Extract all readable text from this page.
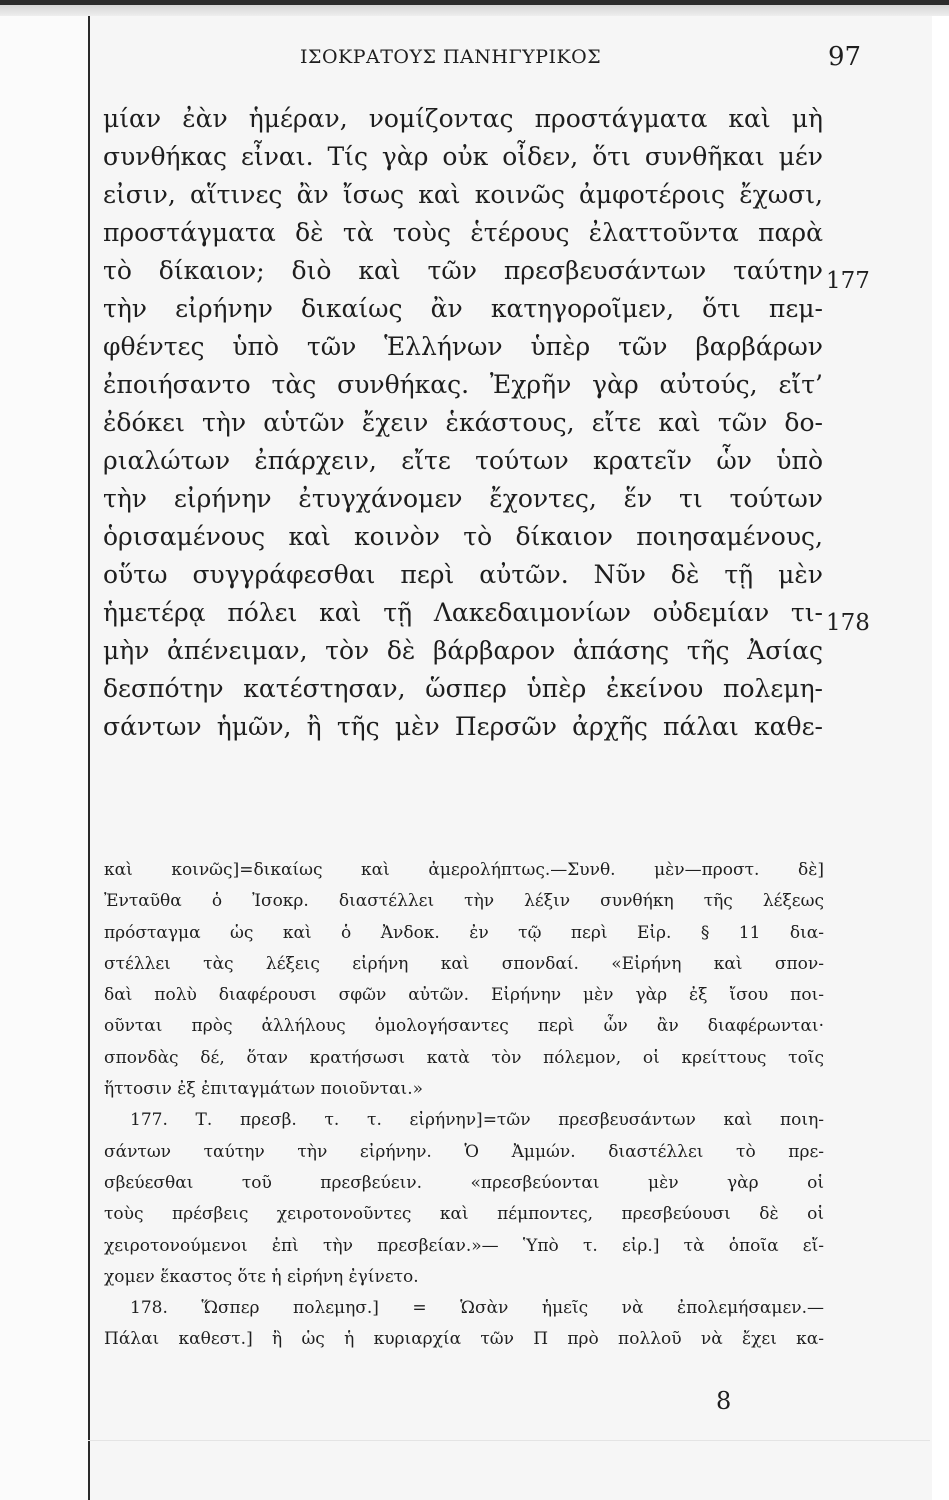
ΙΣΟΚΡΑΤΟΥΣ ΠΑΝΗΓΥΡΙΚΟΣ	97
μίαν ἐὰν ἡμέραν, νομίζοντας προστάγματα καὶ μὴ
συνθήκας εἶναι. Τίς γὰρ οὐκ οἶδεν, ὅτι συνθῆκαι μέν
εἰσιν, αἵτινες ἂν ἴσως καὶ κοινῶς ἀμφοτέροις ἔχωσι,
προστάγματα δὲ τὰ τοὺς ἑτέρους ἐλαττοῦντα παρὰ
τὸ δίκαιον; διὸ καὶ τῶν πρεσβευσάντων ταύτην
τὴν εἰρήνην δικαίως ἂν κατηγοροῖμεν, ὅτι πεμ-
φθέντες ὑπὸ τῶν Ἑλλήνων ὑπὲρ τῶν βαρβάρων
ἐποιήσαντο τὰς συνθήκας. Ἐχρῆν γὰρ αὐτούς, εἴτ’
ἐδόκει τὴν αὑτῶν ἔχειν ἑκάστους, εἴτε καὶ τῶν δο-
ριαλώτων ἐπάρχειν, εἴτε τούτων κρατεῖν ὧν ὑπὸ
τὴν εἰρήνην ἐτυγχάνομεν ἔχοντες, ἕν τι τούτων
ὁρισαμένους καὶ κοινὸν τὸ δίκαιον ποιησαμένους,
οὕτω συγγράφεσθαι περὶ αὐτῶν. Νῦν δὲ τῇ μὲν
ἡμετέρᾳ πόλει καὶ τῇ Λακεδαιμονίων οὐδεμίαν τι-
μὴν ἀπένειμαν, τὸν δὲ βάρβαρον ἁπάσης τῆς Ἀσίας
δεσπότην κατέστησαν, ὥσπερ ὑπὲρ ἐκείνου πολεμη-
σάντων ἡμῶν, ἢ τῆς μὲν Περσῶν ἀρχῆς πάλαι καθε-
177
178
καὶ κοινῶς]=δικαίως καὶ ἀμερολήπτως.—Συνθ. μὲν—προστ. δὲ]
Ἐνταῦθα ὁ Ἰσοκρ. διαστέλλει τὴν λέξιν συνθήκη τῆς λέξεως
πρόσταγμα ὡς καὶ ὁ Ἀνδοκ. ἐν τῷ περὶ Εἰρ. § 11 δια-
στέλλει τὰς λέξεις εἰρήνη καὶ σπονδαί. «Εἰρήνη καὶ σπον-
δαὶ πολὺ διαφέρουσι σφῶν αὐτῶν. Εἰρήνην μὲν γὰρ ἐξ ἴσου ποι-
οῦνται πρὸς ἀλλήλους ὁμολογήσαντες περὶ ὧν ἂν διαφέρωνται·
σπονδὰς δέ, ὅταν κρατήσωσι κατὰ τὸν πόλεμον, οἱ κρείττους τοῖς
ἥττοσιν ἐξ ἐπιταγμάτων ποιοῦνται.»
177. Τ. πρεσβ. τ. τ. εἰρήνην]=τῶν πρεσβευσάντων καὶ ποιη-
σάντων ταύτην τὴν εἰρήνην. Ὁ Ἀμμών. διαστέλλει τὸ πρε-
σβεύεσθαι τοῦ πρεσβεύειν. «πρεσβεύονται μὲν γὰρ οἱ
τοὺς πρέσβεις χειροτονοῦντες καὶ πέμποντες, πρεσβεύουσι δὲ οἱ
χειροτονούμενοι ἐπὶ τὴν πρεσβείαν.»— Ὑπὸ τ. εἰρ.] τὰ ὁποῖα εἴ-
χομεν ἕκαστος ὅτε ἡ εἰρήνη ἐγίνετο.
178. Ὥσπερ πολεμησ.] = Ὡσὰν ἡμεῖς νὰ ἐπολεμήσαμεν.—
Πάλαι καθεστ.] ἢ ὡς ἡ κυριαρχία τῶν Π πρὸ πολλοῦ νὰ ἔχει κα-
8
